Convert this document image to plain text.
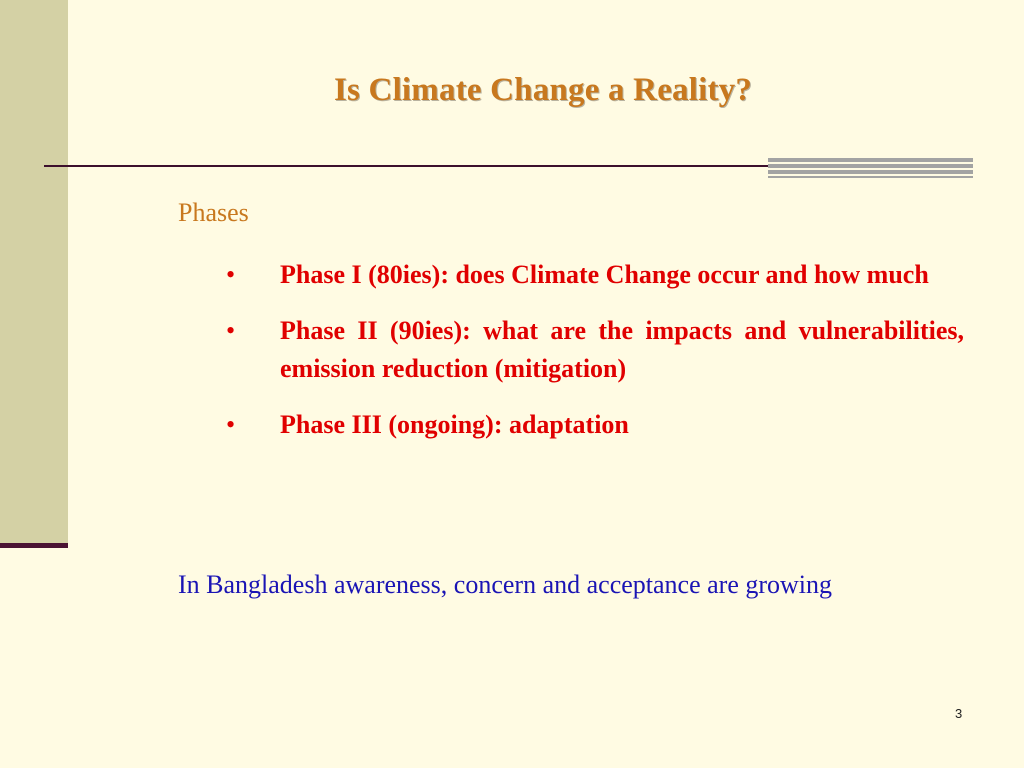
Is Climate Change a Reality?
Phases
• Phase I (80ies): does Climate Change occur and how much
• Phase II (90ies): what are the impacts and vulnerabilities, emission reduction (mitigation)
• Phase III (ongoing): adaptation
In Bangladesh awareness, concern and acceptance are growing
3
